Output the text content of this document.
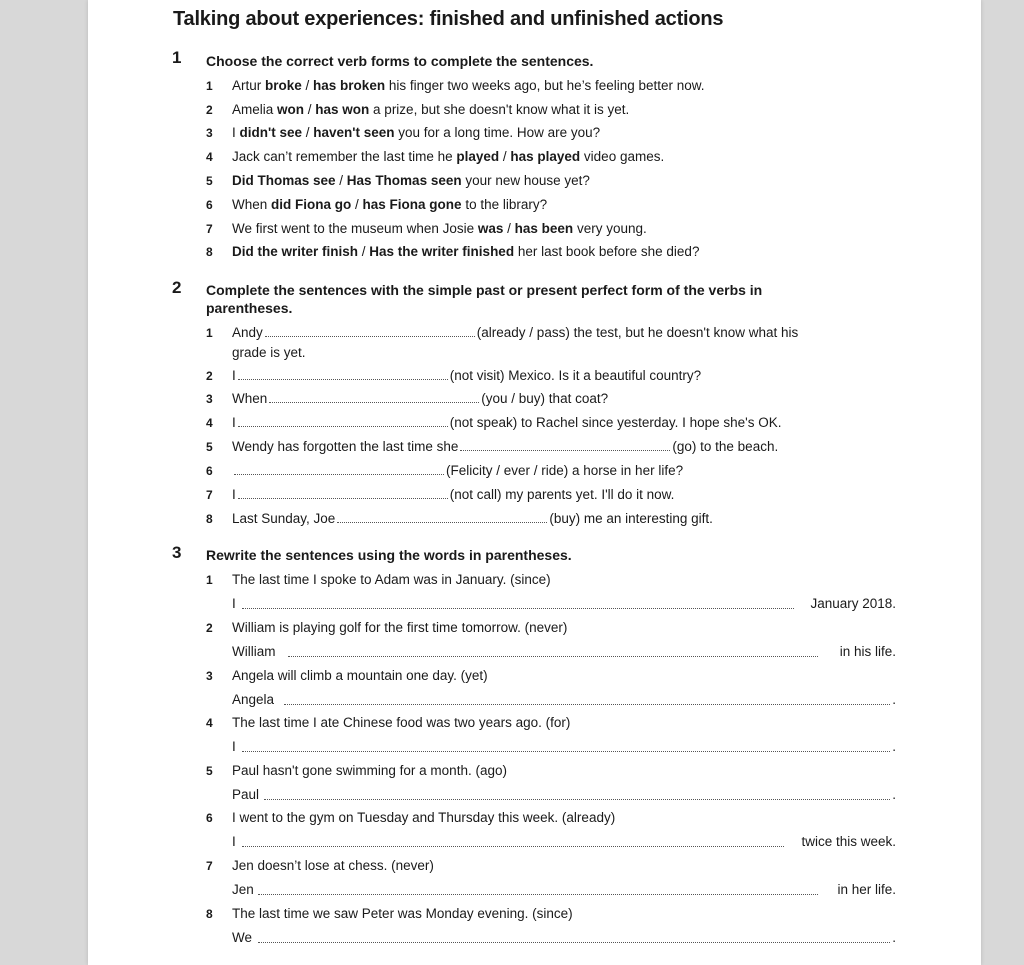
Talking about experiences: finished and unfinished actions
1 Choose the correct verb forms to complete the sentences.
1 Artur broke / has broken his finger two weeks ago, but he’s feeling better now.
2 Amelia won / has won a prize, but she doesn't know what it is yet.
3 I didn't see / haven't seen you for a long time. How are you?
4 Jack can’t remember the last time he played / has played video games.
5 Did Thomas see / Has Thomas seen your new house yet?
6 When did Fiona go / has Fiona gone to the library?
7 We first went to the museum when Josie was / has been very young.
8 Did the writer finish / Has the writer finished her last book before she died?
2 Complete the sentences with the simple past or present perfect form of the verbs in
parentheses.
1 Andy	(already / pass) the test, but he doesn't know what his
grade is yet.
2 I	(not visit) Mexico. Is it a beautiful country?
3 When	(you / buy) that coat?
4 I	(not speak) to Rachel since yesterday. I hope she's OK.
5 Wendy has forgotten the last time she	(go) to the beach.
6	(Felicity / ever / ride) a horse in her life?
7 I	(not call) my parents yet. I'll do it now.
8 Last Sunday, Joe	(buy) me an interesting gift.
3 Rewrite the sentences using the words in parentheses.
1 The last time I spoke to Adam was in January. (since)
I	January 2018.
2 William is playing golf for the first time tomorrow. (never)
William	in his life.
3 Angela will climb a mountain one day. (yet)
Angela	.
4 The last time I ate Chinese food was two years ago. (for)
I	.
5 Paul hasn't gone swimming for a month. (ago)
Paul	.
6 I went to the gym on Tuesday and Thursday this week. (already)
I	twice this week.
7 Jen doesn’t lose at chess. (never)
Jen	in her life.
8 The last time we saw Peter was Monday evening. (since)
We	.
